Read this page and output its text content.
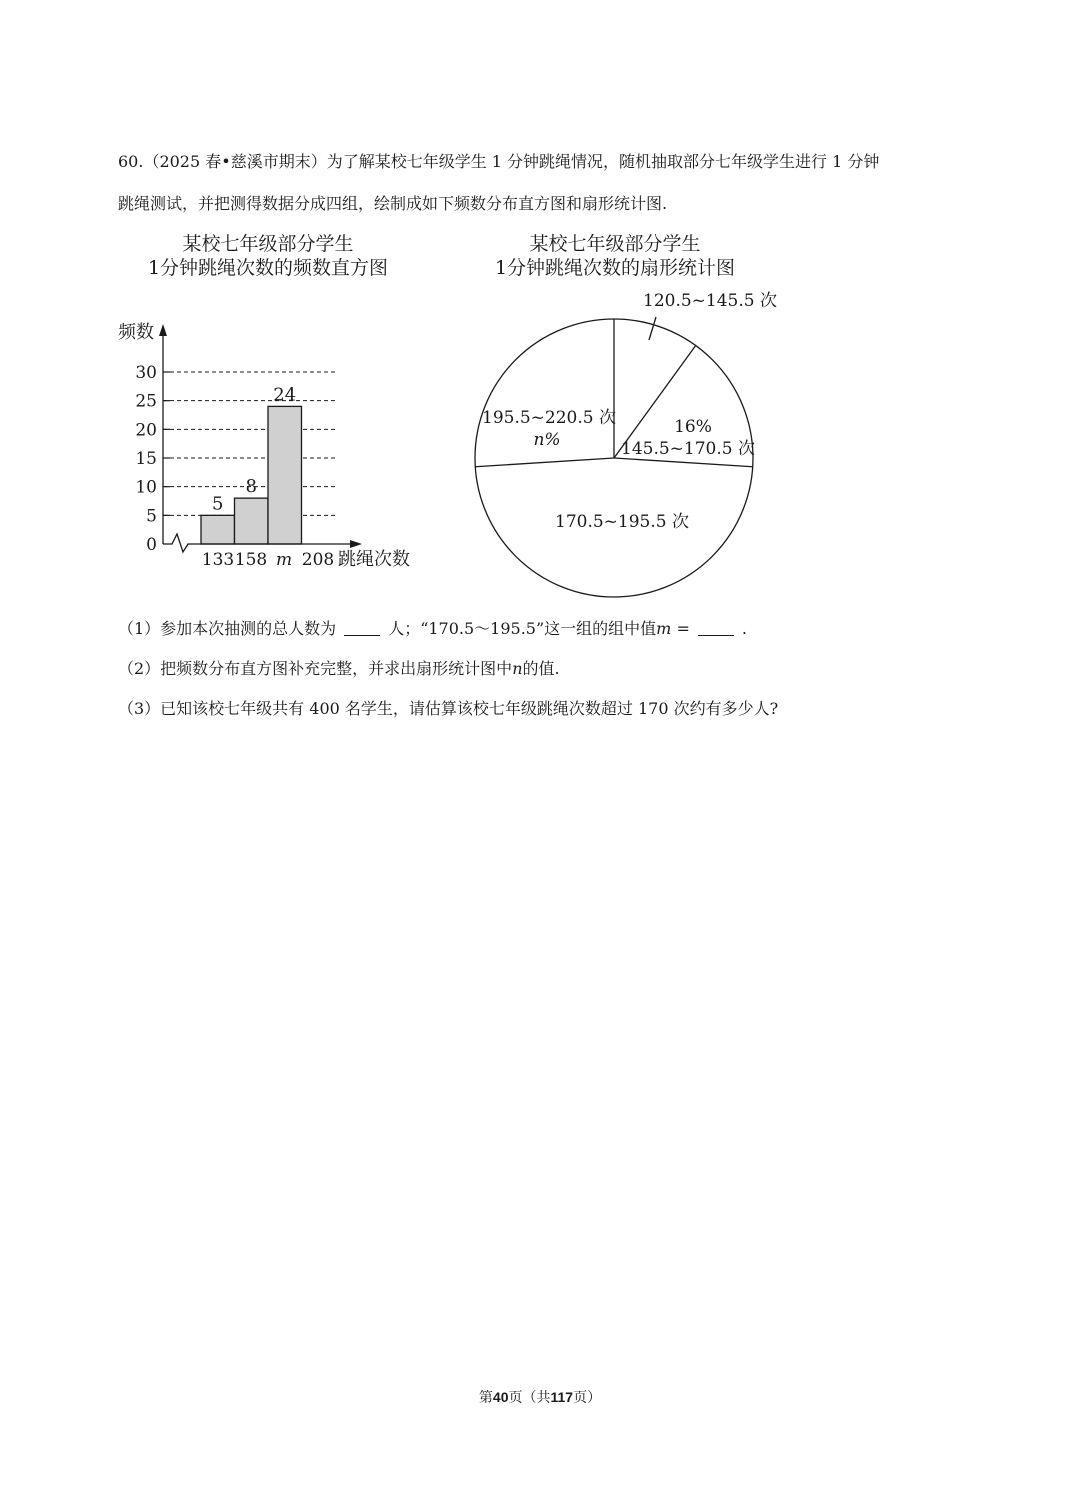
60.（2025 春•慈溪市期末）为了解某校七年级学生 1 分钟跳绳情况，随机抽取部分七年级学生进行 1 分钟
跳绳测试，并把测得数据分成四组，绘制成如下频数分布直方图和扇形统计图.
某校七年级部分学生
1分钟跳绳次数的频数直方图
频数
0
5
10
15
20
25
30
5
8
24
133 158 m 208 跳绳次数
某校七年级部分学生
1分钟跳绳次数的扇形统计图
120.5~145.5 次
16%
145.5~170.5 次
170.5~195.5 次
195.5~220.5 次
n%
（1）参加本次抽测的总人数为	人；“170.5～195.5”这一组的组中值m =	.
（2）把频数分布直方图补充完整，并求出扇形统计图中n的值.
（3）已知该校七年级共有 400 名学生，请估算该校七年级跳绳次数超过 170 次约有多少人?
第40页（共117页）
